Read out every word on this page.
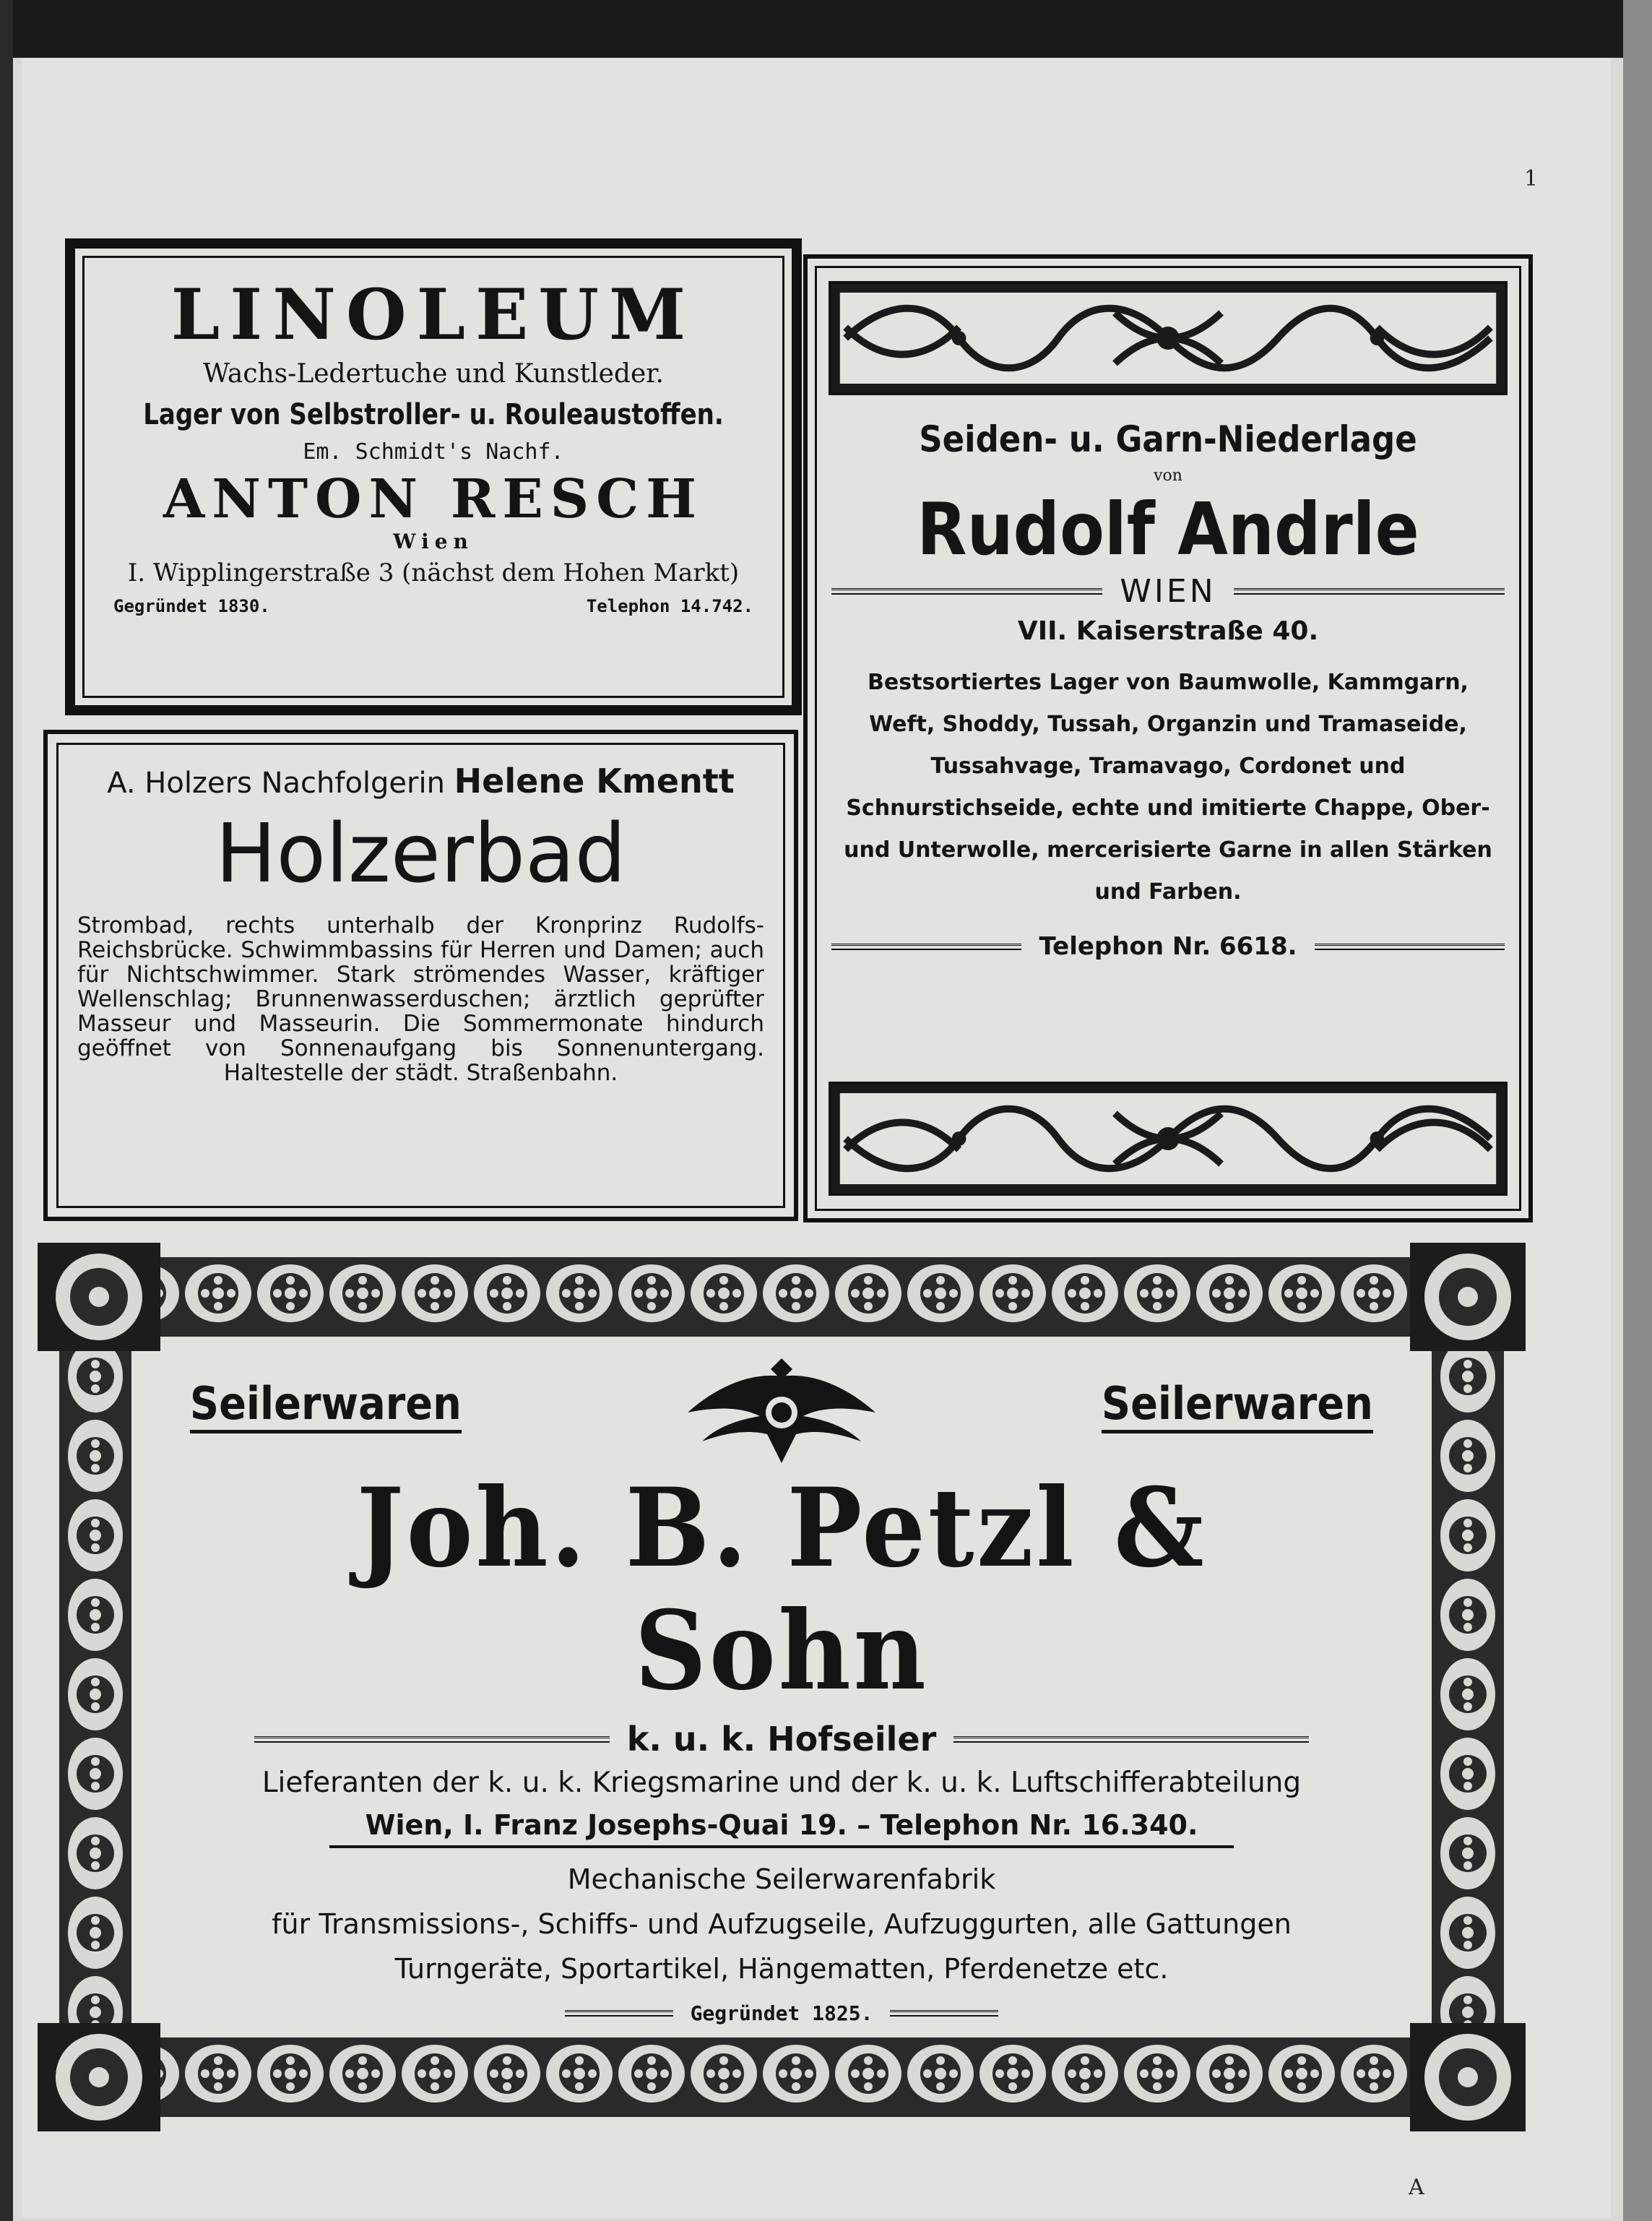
1
A
LINOLEUM
Wachs-Ledertuche und Kunstleder.
Lager von Selbstroller- u. Rouleaustoffen.
Em. Schmidt's Nachf.
ANTON RESCH
Wien
I. Wipplingerstraße 3 (nächst dem Hohen Markt)
Gegründet 1830.	Telephon 14.742.
A. Holzers Nachfolgerin Helene Kmentt
Holzerbad
Strombad, rechts unterhalb der Kronprinz Rudolfs-Reichsbrücke. Schwimmbassins für Herren und Damen; auch für Nichtschwimmer. Stark strömendes Wasser, kräftiger Wellenschlag; Brunnenwasserduschen; ärztlich geprüfter Masseur und Masseurin. Die Sommermonate hindurch geöffnet von Sonnenaufgang bis Sonnenuntergang. Haltestelle der städt. Straßenbahn.
Seiden- u. Garn-Niederlage
von
Rudolf Andrle
WIEN
VII. Kaiserstraße 40.
Bestsortiertes Lager von Baumwolle, Kammgarn, Weft, Shoddy, Tussah, Organzin und Tramaseide, Tussahvage, Tramavago, Cordonet und Schnurstichseide, echte und imitierte Chappe, Ober- und Unterwolle, mercerisierte Garne in allen Stärken und Farben.
Telephon Nr. 6618.
Seilerwaren	Seilerwaren
Joh. B. Petzl & Sohn
k. u. k. Hofseiler
Lieferanten der k. u. k. Kriegsmarine und der k. u. k. Luftschifferabteilung
Wien, I. Franz Josephs-Quai 19. – Telephon Nr. 16.340.
Mechanische Seilerwarenfabrik
für Transmissions-, Schiffs- und Aufzugseile, Aufzuggurten, alle Gattungen
Turngeräte, Sportartikel, Hängematten, Pferdenetze etc.
Gegründet 1825.
